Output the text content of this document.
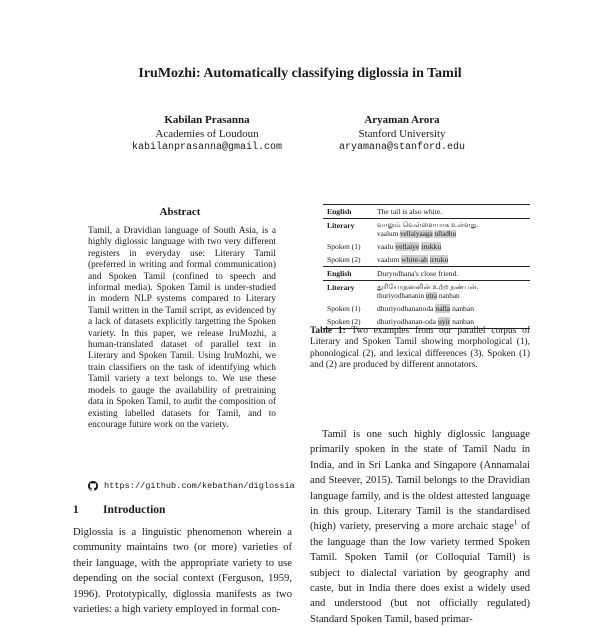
IruMozhi: Automatically classifying diglossia in Tamil
Kabilan Prasanna
Academies of Loudoun
kabilanprasanna@gmail.com
Aryaman Arora
Stanford University
aryamana@stanford.edu
Abstract
Tamil, a Dravidian language of South Asia, is a highly diglossic language with two very different registers in everyday use: Literary Tamil (preferred in writing and formal communication) and Spoken Tamil (confined to speech and informal media). Spoken Tamil is under-studied in modern NLP systems compared to Literary Tamil written in the Tamil script, as evidenced by a lack of datasets explicitly targetting the Spoken variety. In this paper, we release IruMozhi, a human-translated dataset of parallel text in Literary and Spoken Tamil. Using IruMozhi, we train classifiers on the task of identifying which Tamil variety a text belongs to. We use these models to gauge the availability of pretraining data in Spoken Tamil, to audit the composition of existing labelled datasets for Tamil, and to encourage future work on the variety.
https://github.com/kebathan/diglossia
1 Introduction
Diglossia is a linguistic phenomenon wherein a community maintains two (or more) varieties of their language, with the appropriate variety to use depending on the social context (Ferguson, 1959, 1996). Prototypically, diglossia manifests as two varieties: a high variety employed in formal con-
English	The tail is also white.
Literary	வாலும் வெள்ளையாக உள்ளது.
vaalum vellaiyaaga ulladhu

Spoken (1)	vaalu vellaiye irukku
Spoken (2)	vaalum white-ah irruku
English	Duryodhana's close friend.
Literary	துரியோதனனின் உற்ற நண்பன்.
thuriyodhananin utra nanban

Spoken (1)	dhuriyodhananoda nalla nanban
Spoken (2)	dhuriyodhanan-oda uyir nanban
Table 1: Two examples from our parallel corpus of Literary and Spoken Tamil showing morphological (1), phonological (2), and lexical differences (3). Spoken (1) and (2) are produced by different annotators.
Tamil is one such highly diglossic language primarily spoken in the state of Tamil Nadu in India, and in Sri Lanka and Singapore (Annamalai and Steever, 2015). Tamil belongs to the Dravidian language family, and is the oldest attested language in this group. Literary Tamil is the standardised (high) variety, preserving a more archaic stage$^1$ of the language than the low variety termed Spoken Tamil. Spoken Tamil (or Colloquial Tamil) is subject to dialectal variation by geography and caste, but in India there does exist a widely used and understood (but not officially regulated) Standard Spoken Tamil, based primar-
